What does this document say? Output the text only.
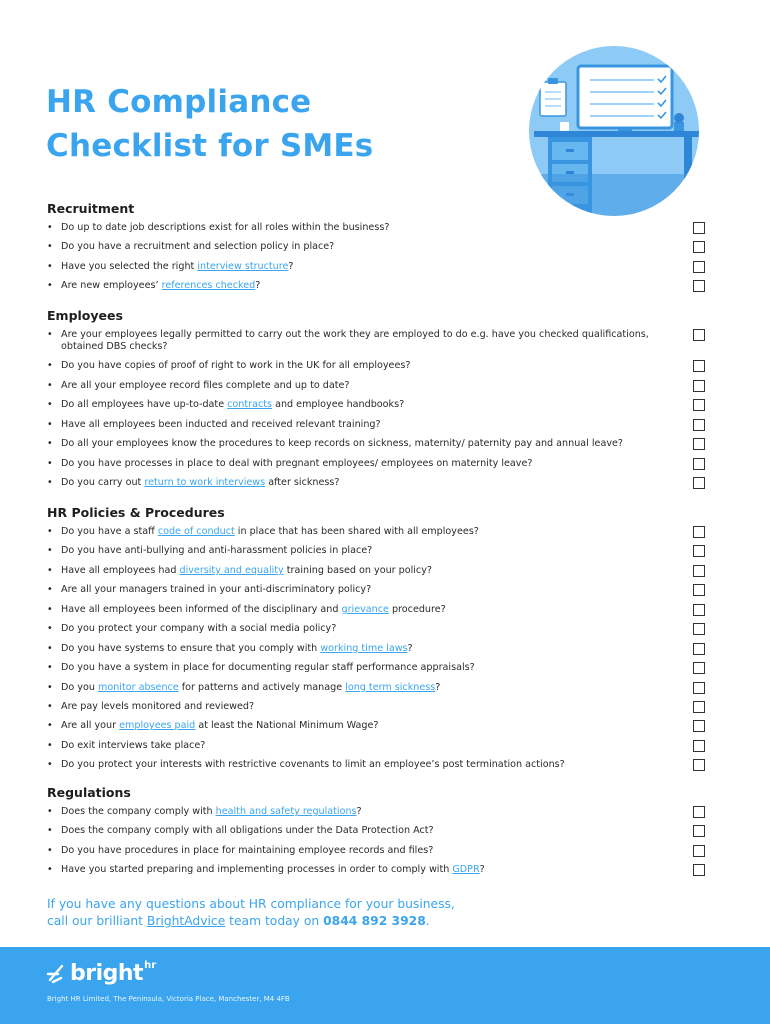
HR Compliance
Checklist for SMEs
Recruitment
• Do up to date job descriptions exist for all roles within the business?
• Do you have a recruitment and selection policy in place?
• Have you selected the right interview structure?
• Are new employees’ references checked?
Employees
• Are your employees legally permitted to carry out the work they are employed to do e.g. have you checked qualifications, obtained DBS checks?
• Do you have copies of proof of right to work in the UK for all employees?
• Are all your employee record files complete and up to date?
• Do all employees have up-to-date contracts and employee handbooks?
• Have all employees been inducted and received relevant training?
• Do all your employees know the procedures to keep records on sickness, maternity/ paternity pay and annual leave?
• Do you have processes in place to deal with pregnant employees/ employees on maternity leave?
• Do you carry out return to work interviews after sickness?
HR Policies & Procedures
• Do you have a staff code of conduct in place that has been shared with all employees?
• Do you have anti-bullying and anti-harassment policies in place?
• Have all employees had diversity and equality training based on your policy?
• Are all your managers trained in your anti-discriminatory policy?
• Have all employees been informed of the disciplinary and grievance procedure?
• Do you protect your company with a social media policy?
• Do you have systems to ensure that you comply with working time laws?
• Do you have a system in place for documenting regular staff performance appraisals?
• Do you monitor absence for patterns and actively manage long term sickness?
• Are pay levels monitored and reviewed?
• Are all your employees paid at least the National Minimum Wage?
• Do exit interviews take place?
• Do you protect your interests with restrictive covenants to limit an employee’s post termination actions?
Regulations
• Does the company comply with health and safety regulations?
• Does the company comply with all obligations under the Data Protection Act?
• Do you have procedures in place for maintaining employee records and files?
• Have you started preparing and implementing processes in order to comply with GDPR?
If you have any questions about HR compliance for your business,
call our brilliant BrightAdvice team today on 0844 892 3928.
bright hr
Bright HR Limited, The Peninsula, Victoria Place, Manchester, M4 4FB
